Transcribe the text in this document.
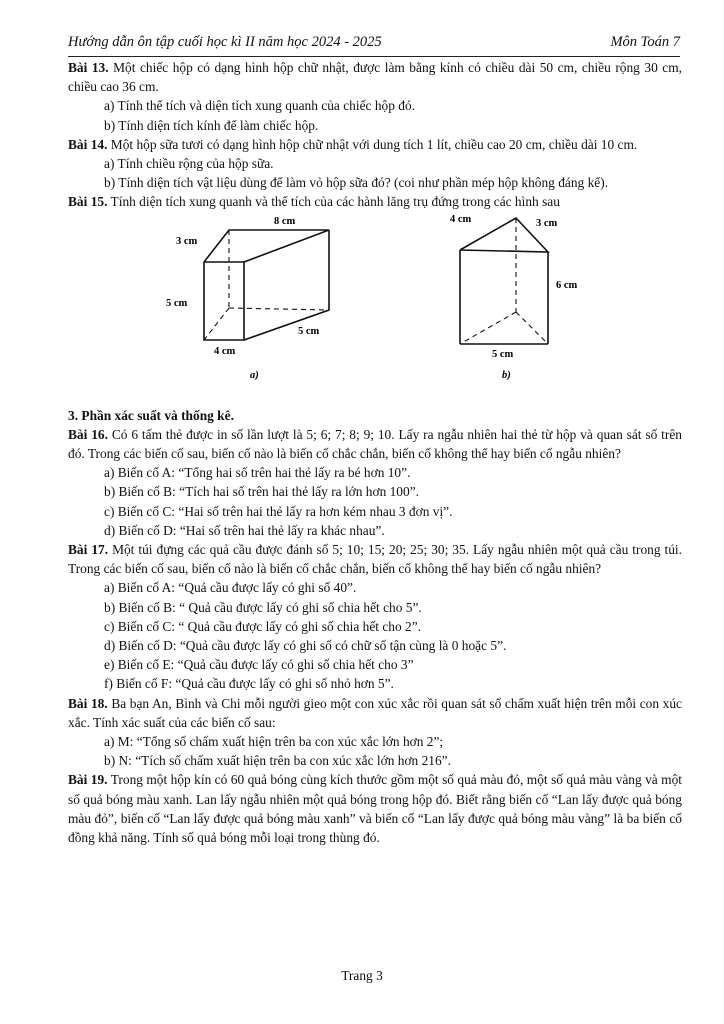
Hướng dẫn ôn tập cuối học kì II năm học 2024 - 2025	Môn Toán 7

Bài 13. Một chiếc hộp có dạng hình hộp chữ nhật, được làm bằng kính có chiều dài 50 cm, chiều rộng 30 cm, chiều cao 36 cm.

a) Tính thể tích và diện tích xung quanh của chiếc hộp đó.

b) Tính diện tích kính để làm chiếc hộp.

Bài 14. Một hộp sữa tươi có dạng hình hộp chữ nhật với dung tích 1 lít, chiều cao 20 cm, chiều dài 10 cm.

a) Tính chiều rộng của hộp sữa.

b) Tính diện tích vật liệu dùng để làm vỏ hộp sữa đó? (coi như phần mép hộp không đáng kể).

Bài 15. Tính diện tích xung quanh và thể tích của các hành lăng trụ đứng trong các hình sau

8 cm
3 cm
5 cm
4 cm
5 cm
a)
4 cm	3 cm
6 cm
5 cm
b)

3. Phần xác suất và thống kê.

Bài 16. Có 6 tấm thẻ được in số lần lượt là 5; 6; 7; 8; 9; 10. Lấy ra ngẫu nhiên hai thẻ từ hộp và quan sát số trên đó. Trong các biến cố sau, biến cố nào là biến cố chắc chắn, biến cố không thể hay biến cố ngẫu nhiên?

a) Biến cố A: “Tổng hai số trên hai thẻ lấy ra bé hơn 10”.

b) Biến cố B: “Tích hai số trên hai thẻ lấy ra lớn hơn 100”.

c) Biến cố C: “Hai số trên hai thẻ lấy ra hơn kém nhau 3 đơn vị”.

d) Biến cố D: “Hai số trên hai thẻ lấy ra khác nhau”.

Bài 17. Một túi đựng các quả cầu được đánh số 5; 10; 15; 20; 25; 30; 35. Lấy ngẫu nhiên một quả cầu trong túi. Trong các biến cố sau, biến cố nào là biến cố chắc chắn, biến cố không thể hay biến cố ngẫu nhiên?

a) Biến cố A: “Quả cầu được lấy có ghi số 40”.

b) Biến cố B: “ Quả cầu được lấy có ghi số chia hết cho 5”.

c) Biến cố C: “ Quả cầu được lấy có ghi số chia hết cho 2”.

d) Biến cố D: “Quả cầu được lấy có ghi số có chữ số tận cùng là 0 hoặc 5”.

e) Biến cố E: “Quả cầu được lấy có ghi số chia hết cho 3”

f) Biến cố F: “Quả cầu được lấy có ghi số nhỏ hơn 5”.

Bài 18. Ba bạn An, Bình và Chi mỗi người gieo một con xúc xắc rồi quan sát số chấm xuất hiện trên mỗi con xúc xắc. Tính xác suất của các biến cố sau:

a) M: “Tổng số chấm xuất hiện trên ba con xúc xắc lớn hơn 2”;

b) N: “Tích số chấm xuất hiện trên ba con xúc xắc lớn hơn 216”.

Bài 19. Trong một hộp kín có 60 quả bóng cùng kích thước gồm một số quả màu đỏ, một số quả màu vàng và một số quả bóng màu xanh. Lan lấy ngẫu nhiên một quả bóng trong hộp đó. Biết rằng biến cố “Lan lấy được quả bóng màu đỏ”, biến cố “Lan lấy được quả bóng màu xanh” và biến cố “Lan lấy được quả bóng màu vàng” là ba biến cố đồng khả năng. Tính số quả bóng mỗi loại trong thùng đó.

Trang 3
